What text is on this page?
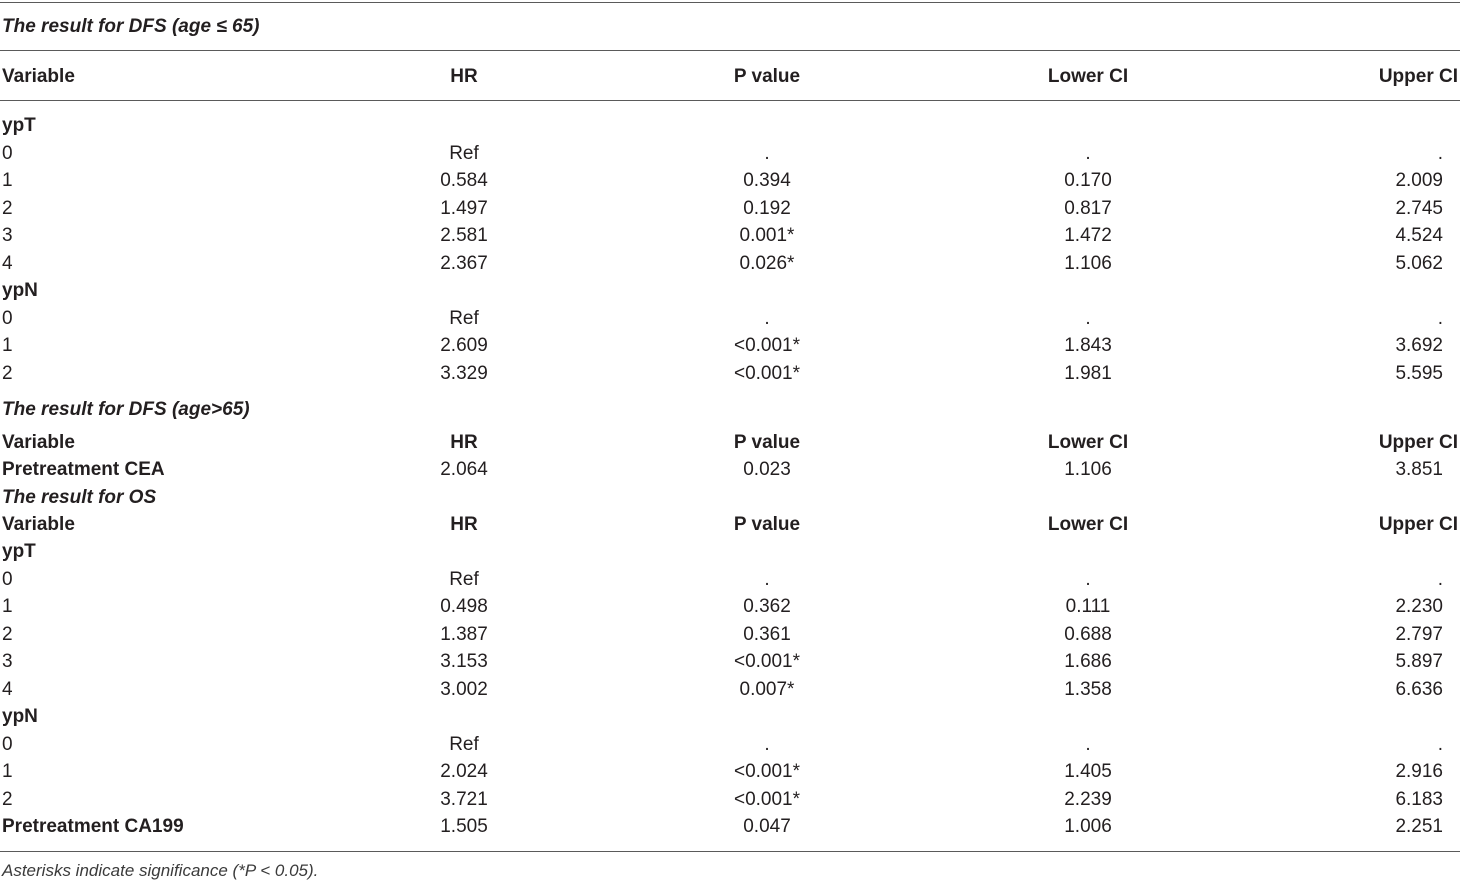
Asterisks indicate significance (*P < 0.05).
The result for DFS (age ≤ 65)
Variable	HR	P value	Lower CI	Upper CI
ypT
0	Ref	.	.	.
1	0.584	0.394	0.170	2.009
2	1.497	0.192	0.817	2.745
3	2.581	0.001*	1.472	4.524
4	2.367	0.026*	1.106	5.062
ypN
0	Ref	.	.	.
1	2.609	<0.001*	1.843	3.692
2	3.329	<0.001*	1.981	5.595
The result for DFS (age>65)
Variable	HR	P value	Lower CI	Upper CI
Pretreatment CEA	2.064	0.023	1.106	3.851
The result for OS
Variable	HR	P value	Lower CI	Upper CI
ypT
0	Ref	.	.	.
1	0.498	0.362	0.111	2.230
2	1.387	0.361	0.688	2.797
3	3.153	<0.001*	1.686	5.897
4	3.002	0.007*	1.358	6.636
ypN
0	Ref	.	.	.
1	2.024	<0.001*	1.405	2.916
2	3.721	<0.001*	2.239	6.183
Pretreatment CA199	1.505	0.047	1.006	2.251
